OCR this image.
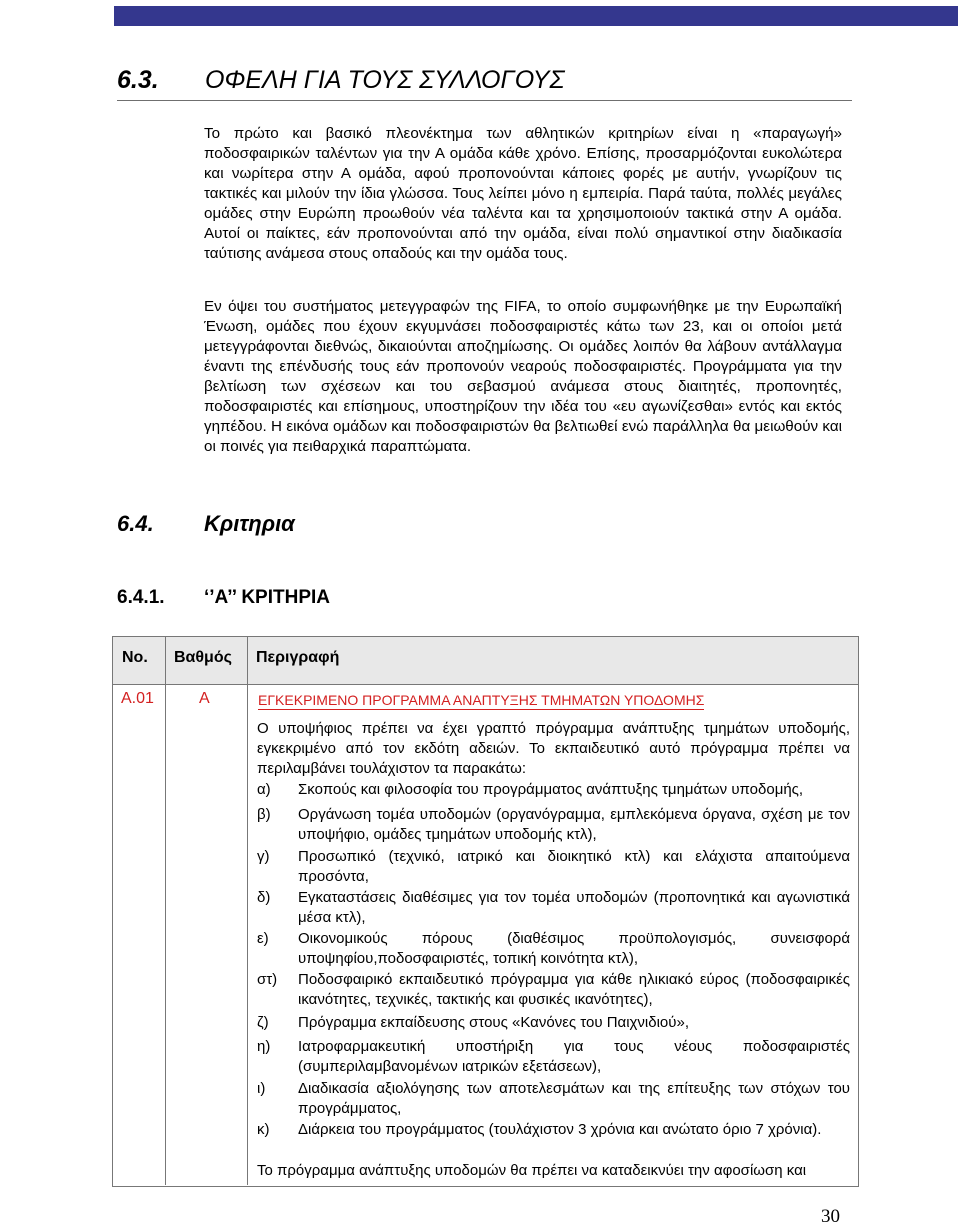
6.3. ΟΦΕΛΗ ΓΙΑ ΤΟΥΣ ΣΥΛΛΟΓΟΥΣ

Το πρώτο και βασικό πλεονέκτημα των αθλητικών κριτηρίων είναι η «παραγωγή» ποδοσφαιρικών ταλέντων για την Α ομάδα κάθε χρόνο. Επίσης, προσαρμόζονται ευκολώτερα και νωρίτερα στην Α ομάδα, αφού προπονούνται κάποιες φορές με αυτήν, γνωρίζουν τις τακτικές και μιλούν την ίδια γλώσσα. Τους λείπει μόνο η εμπειρία. Παρά ταύτα, πολλές μεγάλες ομάδες στην Ευρώπη προωθούν νέα ταλέντα και τα χρησιμοποιούν τακτικά στην Α ομάδα. Αυτοί οι παίκτες, εάν προπονούνται από την ομάδα, είναι πολύ σημαντικοί στην διαδικασία ταύτισης ανάμεσα στους οπαδούς και την ομάδα τους.

Εν όψει του συστήματος μετεγγραφών της FIFA, το οποίο συμφωνήθηκε με την Ευρωπαϊκή Ένωση, ομάδες που έχουν εκγυμνάσει ποδοσφαιριστές κάτω των 23, και οι οποίοι μετά μετεγγράφονται διεθνώς, δικαιούνται αποζημίωσης. Οι ομάδες λοιπόν θα λάβουν αντάλλαγμα έναντι της επένδυσής τους εάν προπονούν νεαρούς ποδοσφαιριστές. Προγράμματα για την βελτίωση των σχέσεων και του σεβασμού ανάμεσα στους διαιτητές, προπονητές, ποδοσφαιριστές και επίσημους, υποστηρίζουν την ιδέα του «ευ αγωνίζεσθαι» εντός και εκτός γηπέδου. Η εικόνα ομάδων και ποδοσφαιριστών θα βελτιωθεί ενώ παράλληλα θα μειωθούν και οι ποινές για πειθαρχικά παραπτώματα.

6.4. Κριτηρια
6.4.1. ‘’Α’’ ΚΡΙΤΗΡΙΑ
No. Βαθμός Περιγραφή
Α.01	Α	ΕΓΚΕΚΡΙΜΕΝΟ ΠΡΟΓΡΑΜΜΑ ΑΝΑΠΤΥΞΗΣ ΤΜΗΜΑΤΩΝ ΥΠΟΔΟΜΗΣ

Ο υποψήφιος πρέπει να έχει γραπτό πρόγραμμα ανάπτυξης τμημάτων υποδομής, εγκεκριμένο από τον εκδότη αδειών. Το εκπαιδευτικό αυτό πρόγραμμα πρέπει να περιλαμβάνει τουλάχιστον τα παρακάτω:

α) Σκοπούς και φιλοσοφία του προγράμματος ανάπτυξης τμημάτων υποδομής,
β) Οργάνωση τομέα υποδομών (οργανόγραμμα, εμπλεκόμενα όργανα, σχέση με τον υποψήφιο, ομάδες τμημάτων υποδομής κτλ),
γ) Προσωπικό (τεχνικό, ιατρικό και διοικητικό κτλ) και ελάχιστα απαιτούμενα προσόντα,
δ) Εγκαταστάσεις διαθέσιμες για τον τομέα υποδομών (προπονητικά και αγωνιστικά μέσα κτλ),
ε) Οικονομικούς πόρους (διαθέσιμος προϋπολογισμός, συνεισφορά υποψηφίου,ποδοσφαιριστές, τοπική κοινότητα κτλ),
στ) Ποδοσφαιρικό εκπαιδευτικό πρόγραμμα για κάθε ηλικιακό εύρος (ποδοσφαιρικές ικανότητες, τεχνικές, τακτικής και φυσικές ικανότητες),
ζ) Πρόγραμμα εκπαίδευσης στους «Κανόνες του Παιχνιδιού»,
η) Ιατροφαρμακευτική υποστήριξη για τους νέους ποδοσφαιριστές (συμπεριλαμβανομένων ιατρικών εξετάσεων),
ι) Διαδικασία αξιολόγησης των αποτελεσμάτων και της επίτευξης των στόχων του προγράμματος,
κ) Διάρκεια του προγράμματος (τουλάχιστον 3 χρόνια και ανώτατο όριο 7 χρόνια).
Το πρόγραμμα ανάπτυξης υποδομών θα πρέπει να καταδεικνύει την αφοσίωση και
30
